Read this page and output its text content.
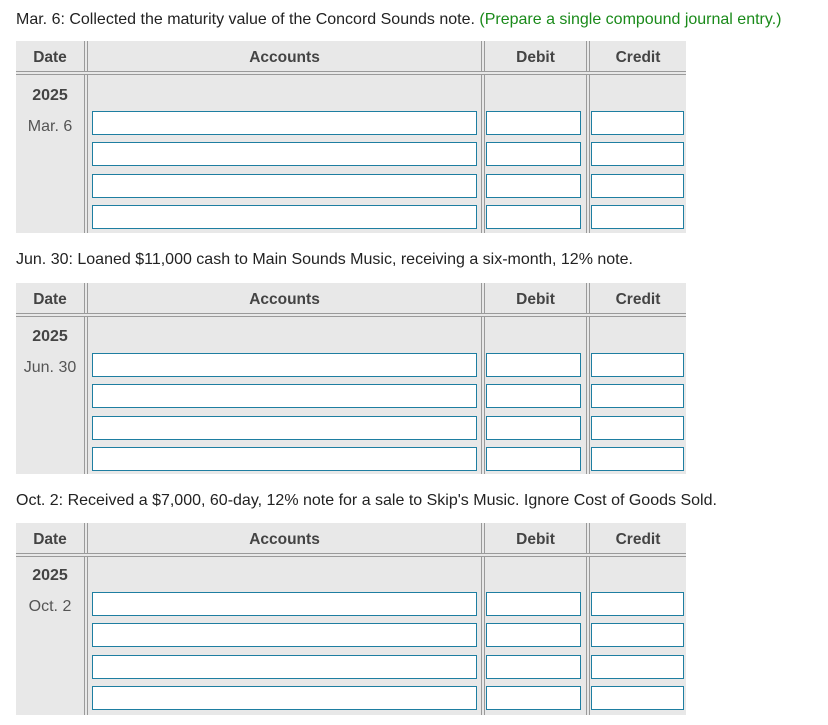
Mar. 6: Collected the maturity value of the Concord Sounds note. (Prepare a single compound journal entry.)
Date	Accounts	Debit	Credit
2025
Mar. 6
Jun. 30: Loaned $11,000 cash to Main Sounds Music, receiving a six-month, 12% note.
Date	Accounts	Debit	Credit
2025
Jun. 30
Oct. 2: Received a $7,000, 60-day, 12% note for a sale to Skip's Music. Ignore Cost of Goods Sold.
Date	Accounts	Debit	Credit
2025
Oct. 2
